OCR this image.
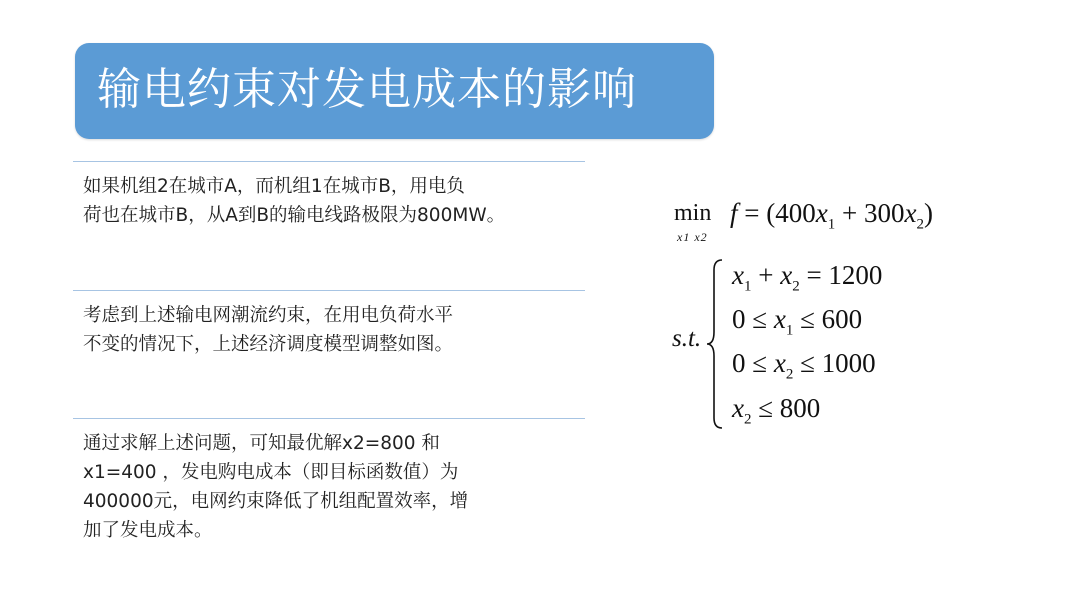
输电约束对发电成本的影响

如果机组2在城市A，而机组1在城市B，用电负
荷也在城市B，从A到B的输电线路极限为800MW。

考虑到上述输电网潮流约束，在用电负荷水平
不变的情况下，上述经济调度模型调整如图。

通过求解上述问题，可知最优解x2=800 和
x1=400 ，发电购电成本（即目标函数值）为
400000元，电网约束降低了机组配置效率，增
加了发电成本。

min
x1 x2
$f = (400x_1 + 300x_2)$
s.t.
$x_1 + x_2 = 1200$
$0 \le x_1 \le 600$
$0 \le x_2 \le 1000$
$x_2 \le 800$
